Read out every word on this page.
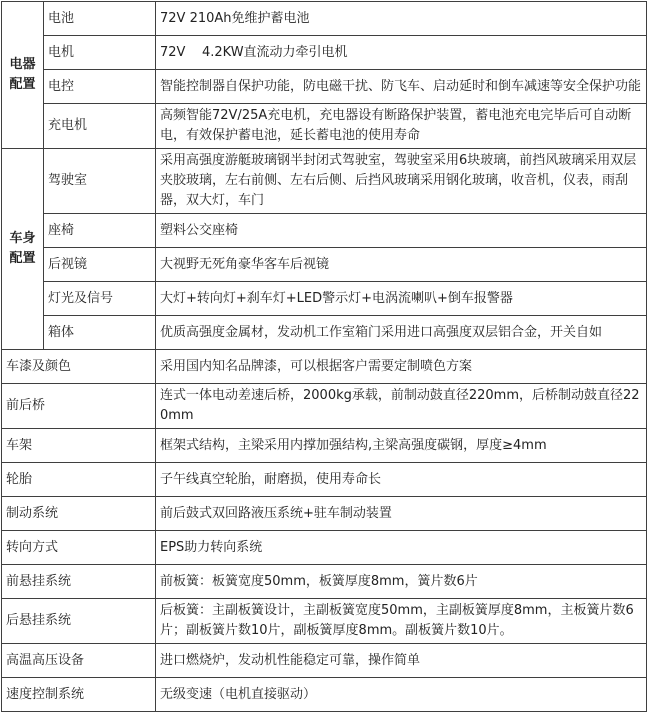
电器配置	电池	72V 210Ah免维护蓄电池
	电机	72V    4.2KW直流动力牵引电机
	电控	智能控制器自保护功能，防电磁干扰、防飞车、启动延时和倒车减速等安全保护功能
	充电机	高频智能72V/25A充电机，充电器设有断路保护装置，蓄电池充电完毕后可自动断电，有效保护蓄电池，延长蓄电池的使用寿命
车身配置	驾驶室	采用高强度游艇玻璃钢半封闭式驾驶室，驾驶室采用6块玻璃，前挡风玻璃采用双层夹胶玻璃，左右前侧、左右后侧、后挡风玻璃采用钢化玻璃，收音机，仪表，雨刮器，双大灯，车门
	座椅	塑料公交座椅
	后视镜	大视野无死角豪华客车后视镜
	灯光及信号	大灯+转向灯+刹车灯+LED警示灯+电涡流喇叭+倒车报警器
	箱体	优质高强度金属材，发动机工作室箱门采用进口高强度双层铝合金，开关自如
车漆及颜色		采用国内知名品牌漆，可以根据客户需要定制喷色方案
前后桥		连式一体电动差速后桥，2000kg承载，前制动鼓直径220mm，后桥制动鼓直径220mm
车架		框架式结构，主梁采用内撑加强结构,主梁高强度碳钢，厚度≥4mm
轮胎		子午线真空轮胎，耐磨损，使用寿命长
制动系统		前后鼓式双回路液压系统+驻车制动装置
转向方式		EPS助力转向系统
前悬挂系统		前板簧：板簧宽度50mm，板簧厚度8mm，簧片数6片
后悬挂系统		后板簧：主副板簧设计，主副板簧宽度50mm，主副板簧厚度8mm，主板簧片数6片；副板簧片数10片，副板簧厚度8mm。副板簧片数10片。
高温高压设备		进口燃烧炉，发动机性能稳定可靠，操作简单
速度控制系统		无级变速（电机直接驱动）
